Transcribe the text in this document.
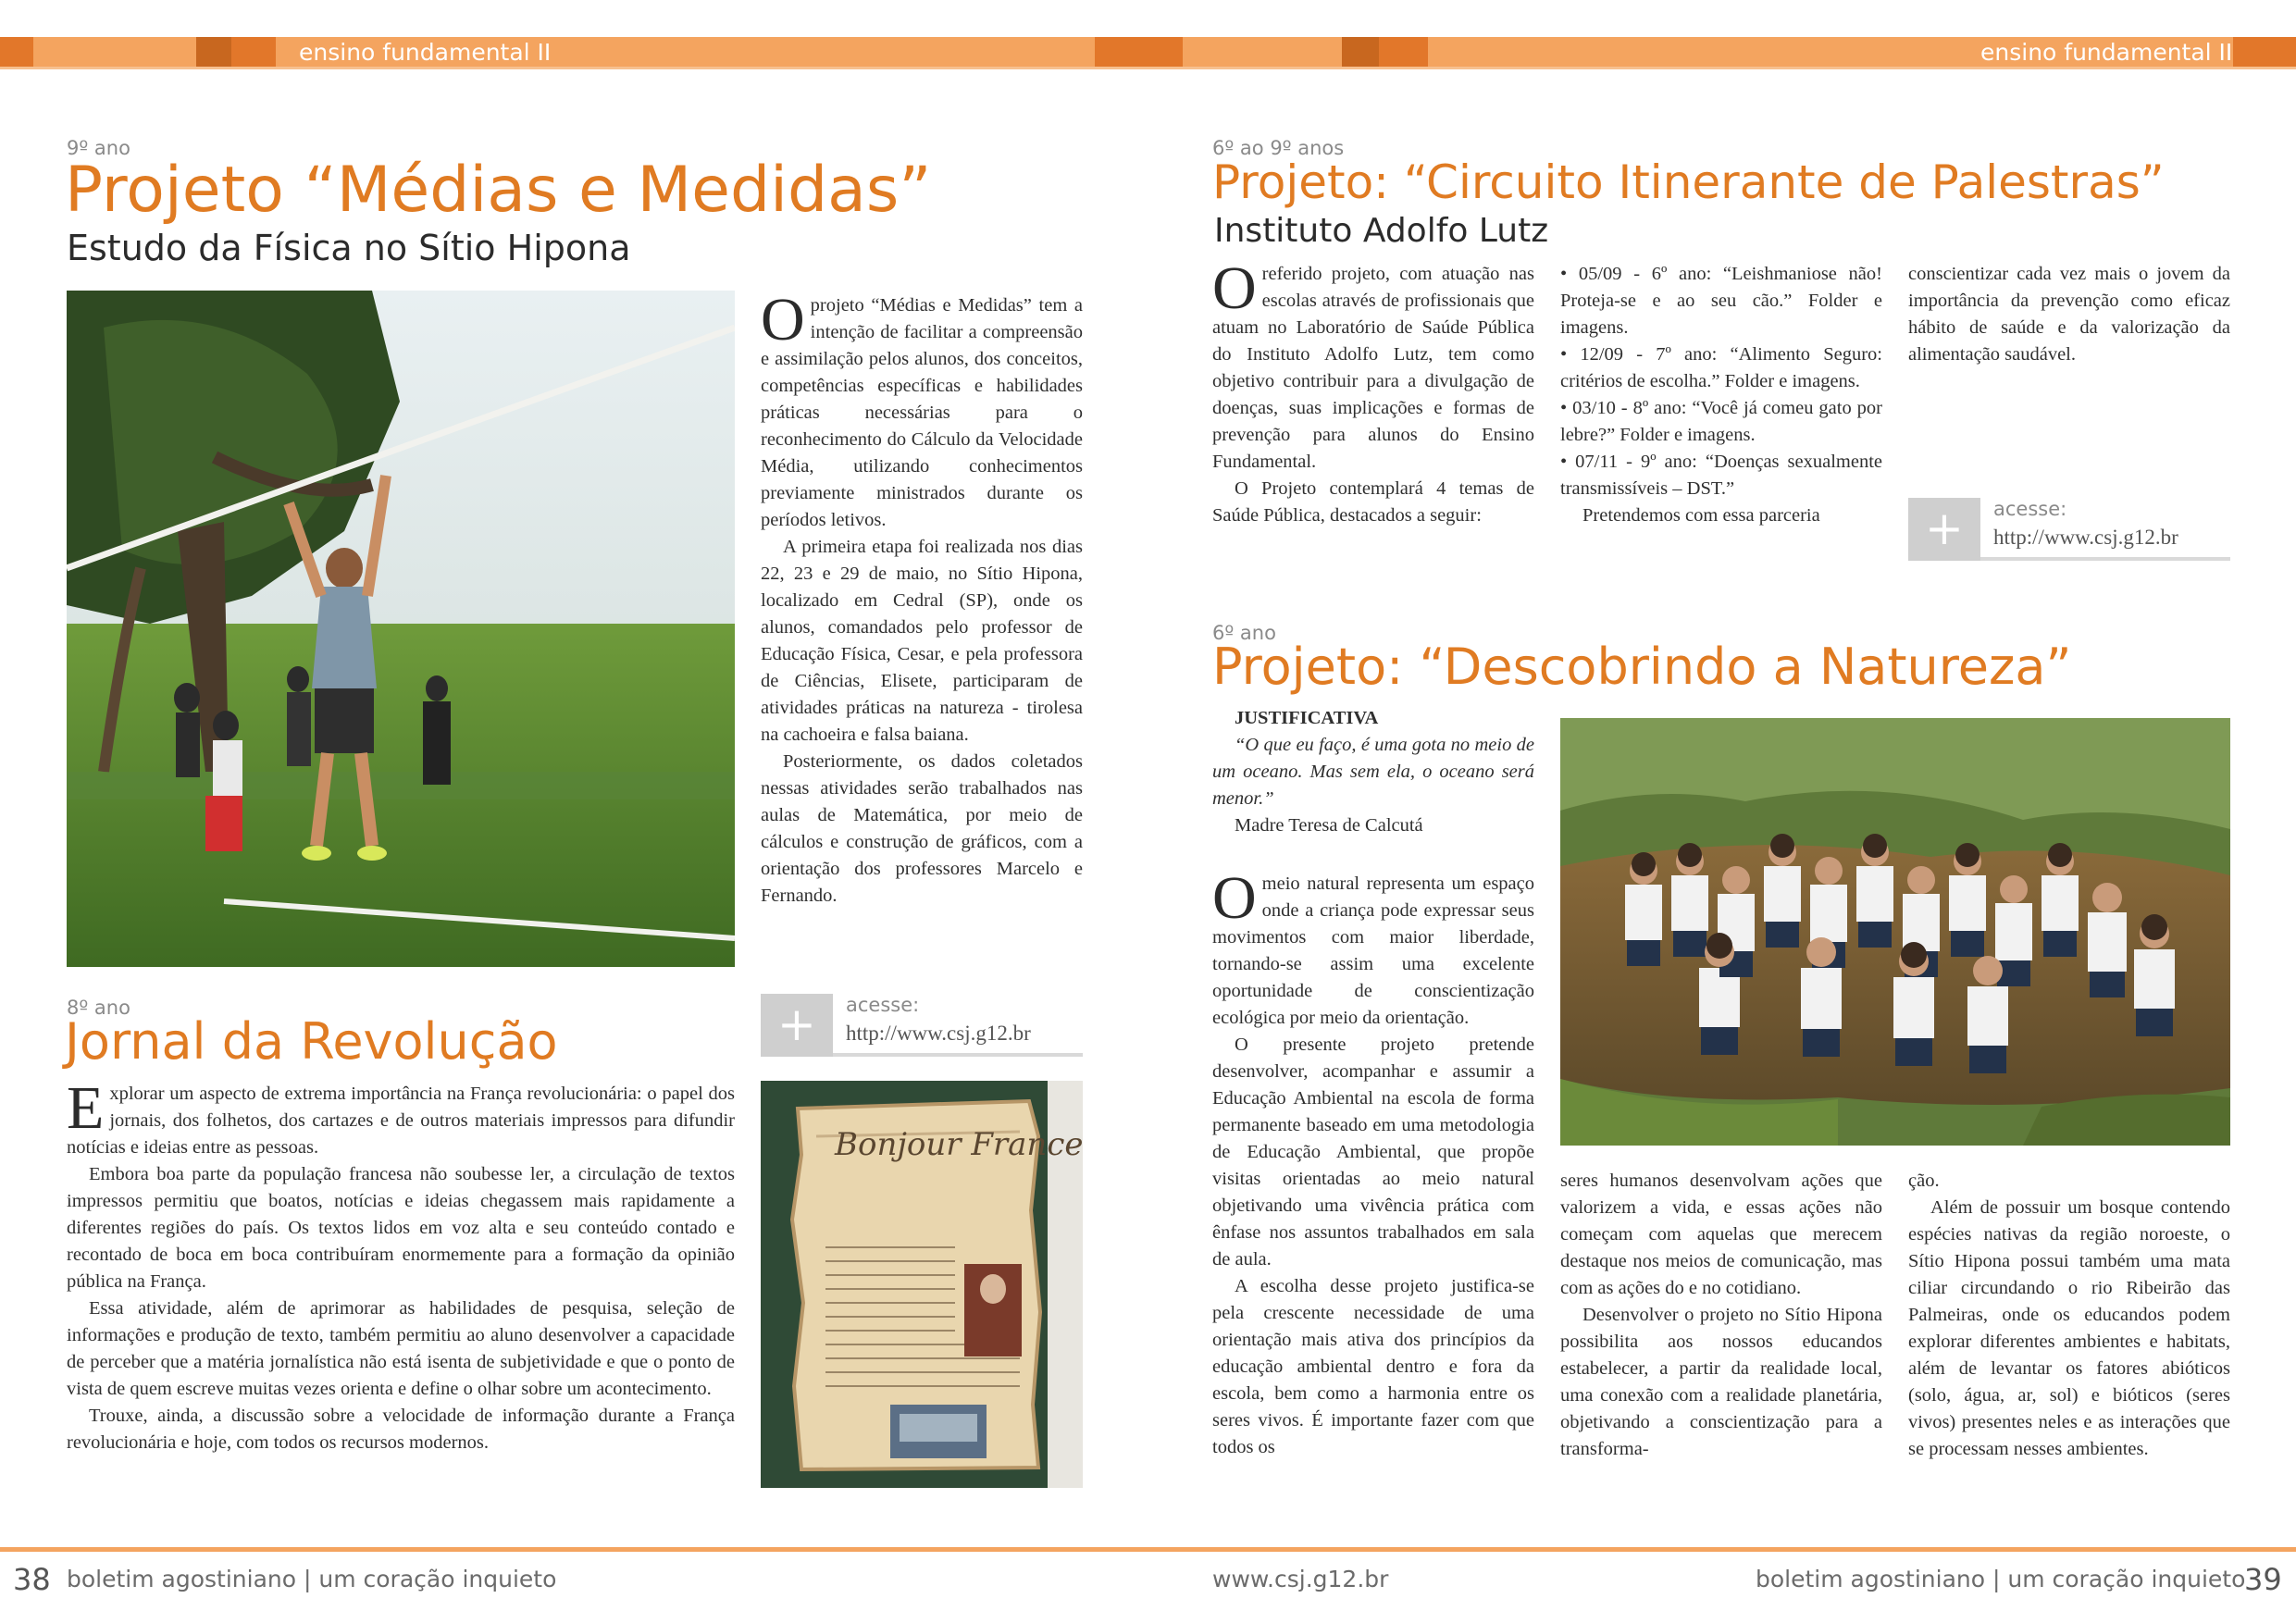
ensino fundamental II	ensino fundamental II
9º ano
Projeto “Médias e Medidas”
Estudo da Física no Sítio Hipona

Oprojeto “Médias e Medidas” tem a intenção de facilitar a compreensão e assimilação pelos alunos, dos conceitos, competências específicas e habilidades práticas necessárias para o reconhecimento do Cálculo da Velocidade Média, utilizando conhecimentos previamente ministrados durante os períodos letivos.

A primeira etapa foi realizada nos dias 22, 23 e 29 de maio, no Sítio Hipona, localizado em Cedral (SP), onde os alunos, comandados pelo professor de Educação Física, Cesar, e pela professora de Ciências, Elisete, participaram de atividades práticas na natureza - tirolesa na cachoeira e falsa baiana.

Posteriormente, os dados coletados nessas atividades serão trabalhados nas aulas de Matemática, por meio de cálculos e construção de gráficos, com a orientação dos professores Marcelo e Fernando.

+	acesse:
http://www.csj.g12.br
8º ano
Jornal da Revolução

Explorar um aspecto de extrema importância na França revolucionária: o papel dos jornais, dos folhetos, dos cartazes e de outros materiais impressos para difundir notícias e ideias entre as pessoas.

Embora boa parte da população francesa não soubesse ler, a circulação de textos impressos permitiu que boatos, notícias e ideias chegassem mais rapidamente a diferentes regiões do país. Os textos lidos em voz alta e seu conteúdo contado e recontado de boca em boca contribuíram enormemente para a formação da opinião pública na França.

Essa atividade, além de aprimorar as habilidades de pesquisa, seleção de informações e produção de texto, também permitiu ao aluno desenvolver a capacidade de perceber que a matéria jornalística não está isenta de subjetividade e que o ponto de vista de quem escreve muitas vezes orienta e define o olhar sobre um acontecimento.

Trouxe, ainda, a discussão sobre a velocidade de informação durante a França revolucionária e hoje, com todos os recursos modernos.

Bonjour France
6º ao 9º anos
Projeto: “Circuito Itinerante de Palestras”
Instituto Adolfo Lutz

Oreferido projeto, com atuação nas escolas através de profissionais que atuam no Laboratório de Saúde Pública do Instituto Adolfo Lutz, tem como objetivo contribuir para a divulgação de doenças, suas implicações e formas de prevenção para alunos do Ensino Fundamental.

O Projeto contemplará 4 temas de Saúde Pública, destacados a seguir:

• 05/09 - 6º ano: “Leishmaniose não! Proteja-se e ao seu cão.” Folder e imagens.

• 12/09 - 7º ano: “Alimento Seguro: critérios de escolha.” Folder e imagens.

• 03/10 - 8º ano: “Você já comeu gato por lebre?” Folder e imagens.

• 07/11 - 9º ano: “Doenças sexualmente transmissíveis – DST.”

Pretendemos com essa parceria

conscientizar cada vez mais o jovem da importância da prevenção como eficaz hábito de saúde e da valorização da alimentação saudável.

+	acesse:
http://www.csj.g12.br
6º ano
Projeto: “Descobrindo a Natureza”

JUSTIFICATIVA

“O que eu faço, é uma gota no meio de um oceano. Mas sem ela, o oceano será menor.”

Madre Teresa de Calcutá

Omeio natural representa um espaço onde a criança pode expressar seus movimentos com maior liberdade, tornando-se assim uma excelente oportunidade de conscientização ecológica por meio da orientação.

O presente projeto pretende desenvolver, acompanhar e assumir a Educação Ambiental na escola de forma permanente baseado em uma metodologia de Educação Ambiental, que propõe visitas orientadas ao meio natural objetivando uma vivência prática com ênfase nos assuntos trabalhados em sala de aula.

A escolha desse projeto justifica-se pela crescente necessidade de uma orientação mais ativa dos princípios da educação ambiental dentro e fora da escola, bem como a harmonia entre os seres vivos. É importante fazer com que todos os

seres humanos desenvolvam ações que valorizem a vida, e essas ações não começam com aquelas que merecem destaque nos meios de comunicação, mas com as ações do e no cotidiano.

Desenvolver o projeto no Sítio Hipona possibilita aos nossos educandos estabelecer, a partir da realidade local, uma conexão com a realidade planetária, objetivando a conscientização para a transforma-

ção.

Além de possuir um bosque contendo espécies nativas da região noroeste, o Sítio Hipona possui também uma mata ciliar circundando o rio Ribeirão das Palmeiras, onde os educandos podem explorar diferentes ambientes e habitats, além de levantar os fatores abióticos (solo, água, ar, sol) e bióticos (seres vivos) presentes neles e as interações que se processam nesses ambientes.

38 boletim agostiniano | um coração inquieto	www.csj.g12.br	boletim agostiniano | um coração inquieto
39
